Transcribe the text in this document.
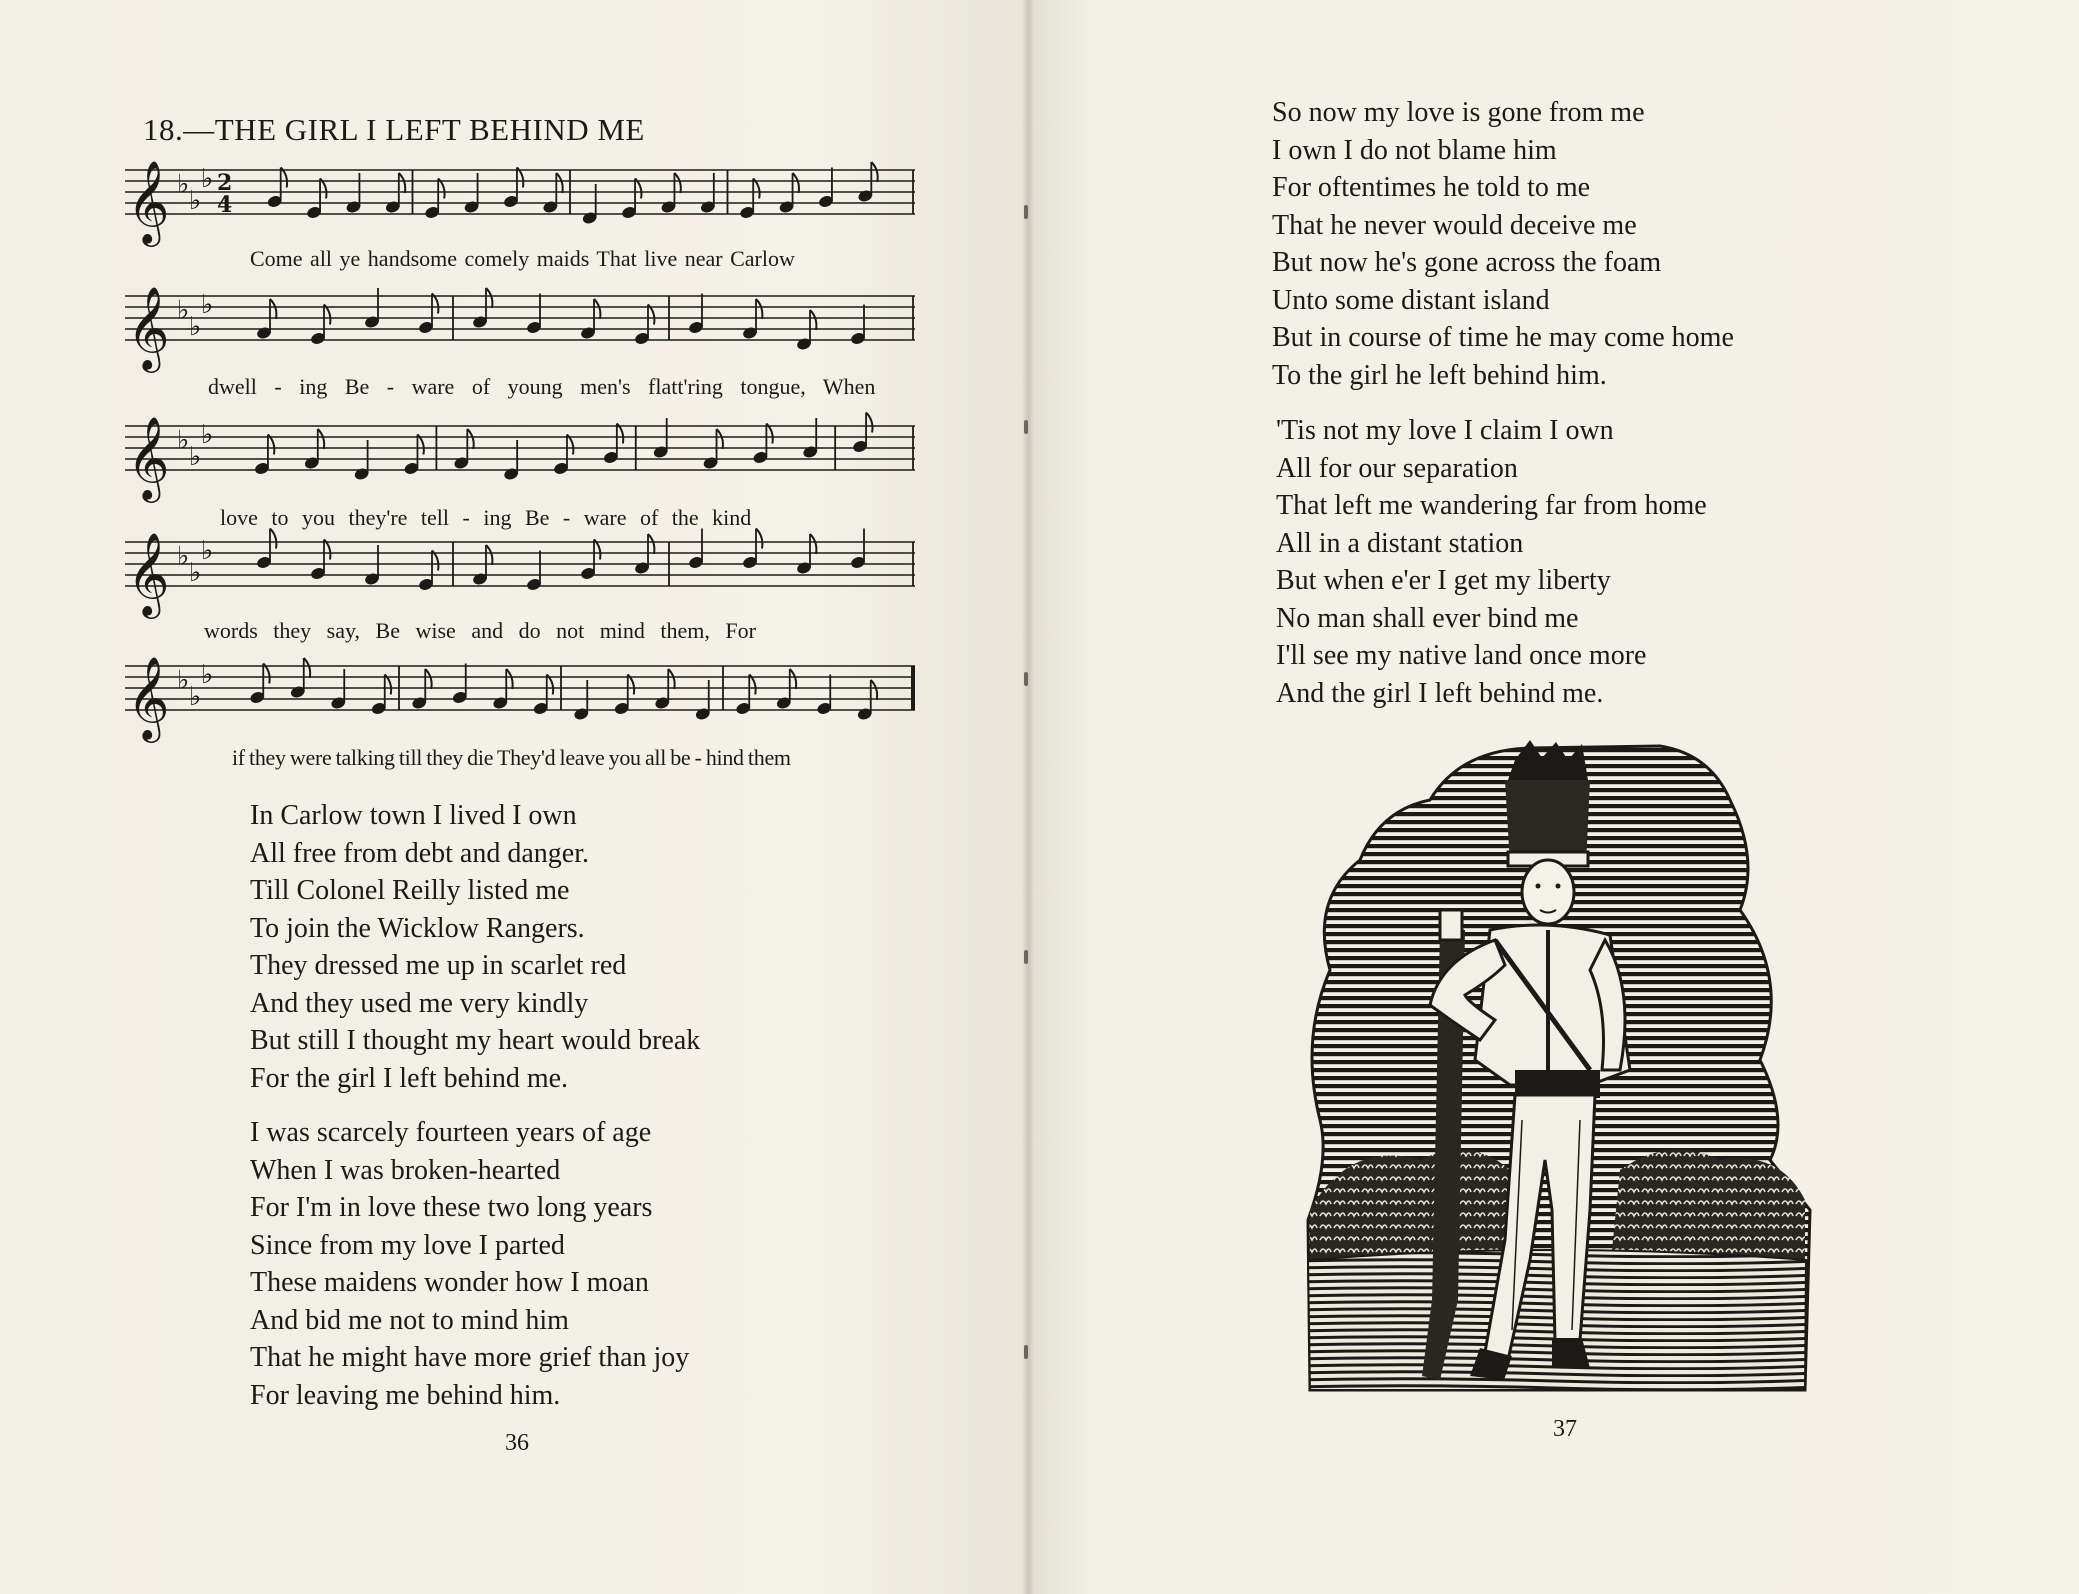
18.—THE GIRL I LEFT BEHIND ME
𝄞 ♭
♭
♭ 2
4
Come all ye handsome comely maids That live near Carlow
𝄞 ♭
♭
♭
dwell - ing Be - ware of young men's flatt'ring tongue, When
𝄞 ♭
♭
♭
love to you they're tell - ing Be - ware of the kind
𝄞 ♭
♭
♭
words they say, Be wise and do not mind them, For
𝄞 ♭
♭
♭
if they were talking till they die They'd leave you all be - hind them
In Carlow town I lived I own
All free from debt and danger.
Till Colonel Reilly listed me
To join the Wicklow Rangers.
They dressed me up in scarlet red
And they used me very kindly
But still I thought my heart would break
For the girl I left behind me.
I was scarcely fourteen years of age
When I was broken-hearted
For I'm in love these two long years
Since from my love I parted
These maidens wonder how I moan
And bid me not to mind him
That he might have more grief than joy
For leaving me behind him.
36
So now my love is gone from me
I own I do not blame him
For oftentimes he told to me
That he never would deceive me
But now he's gone across the foam
Unto some distant island
But in course of time he may come home
To the girl he left behind him.
'Tis not my love I claim I own
All for our separation
That left me wandering far from home
All in a distant station
But when e'er I get my liberty
No man shall ever bind me
I'll see my native land once more
And the girl I left behind me.
37
